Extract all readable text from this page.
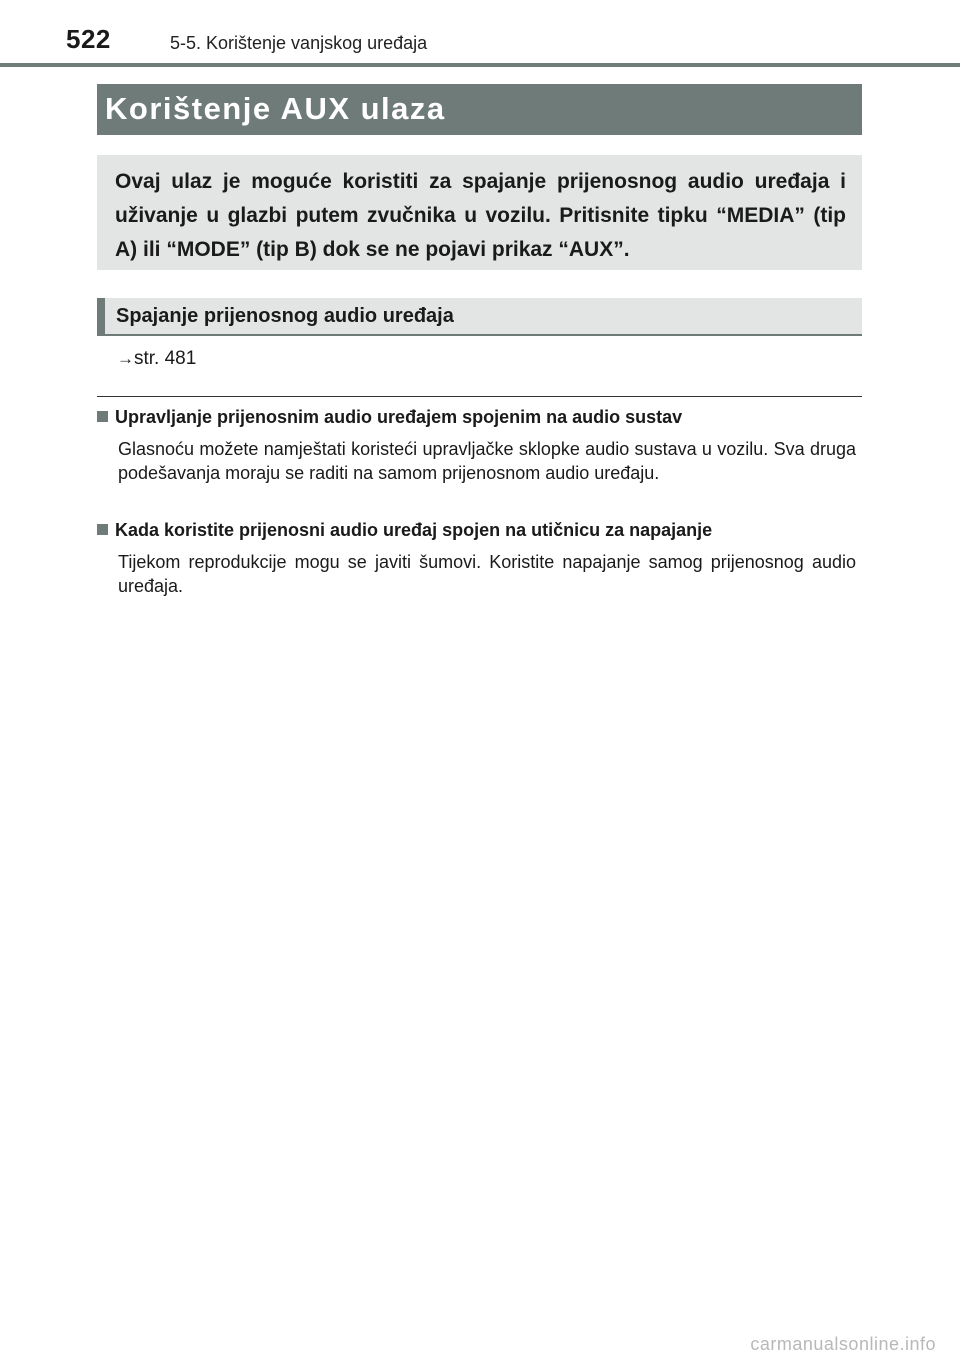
522	5-5. Korištenje vanjskog uređaja
Korištenje AUX ulaza
Ovaj ulaz je moguće koristiti za spajanje prijenosnog audio uređaja i uživanje u glazbi putem zvučnika u vozilu. Pritisnite tipku “MEDIA” (tip A) ili “MODE” (tip B) dok se ne pojavi prikaz “AUX”.
Spajanje prijenosnog audio uređaja
→str. 481
Upravljanje prijenosnim audio uređajem spojenim na audio sustav
Glasnoću možete namještati koristeći upravljačke sklopke audio sustava u vozilu. Sva druga podešavanja moraju se raditi na samom prijenosnom audio uređaju.
Kada koristite prijenosni audio uređaj spojen na utičnicu za napajanje
Tijekom reprodukcije mogu se javiti šumovi. Koristite napajanje samog prijenosnog audio uređaja.
carmanualsonline.info
